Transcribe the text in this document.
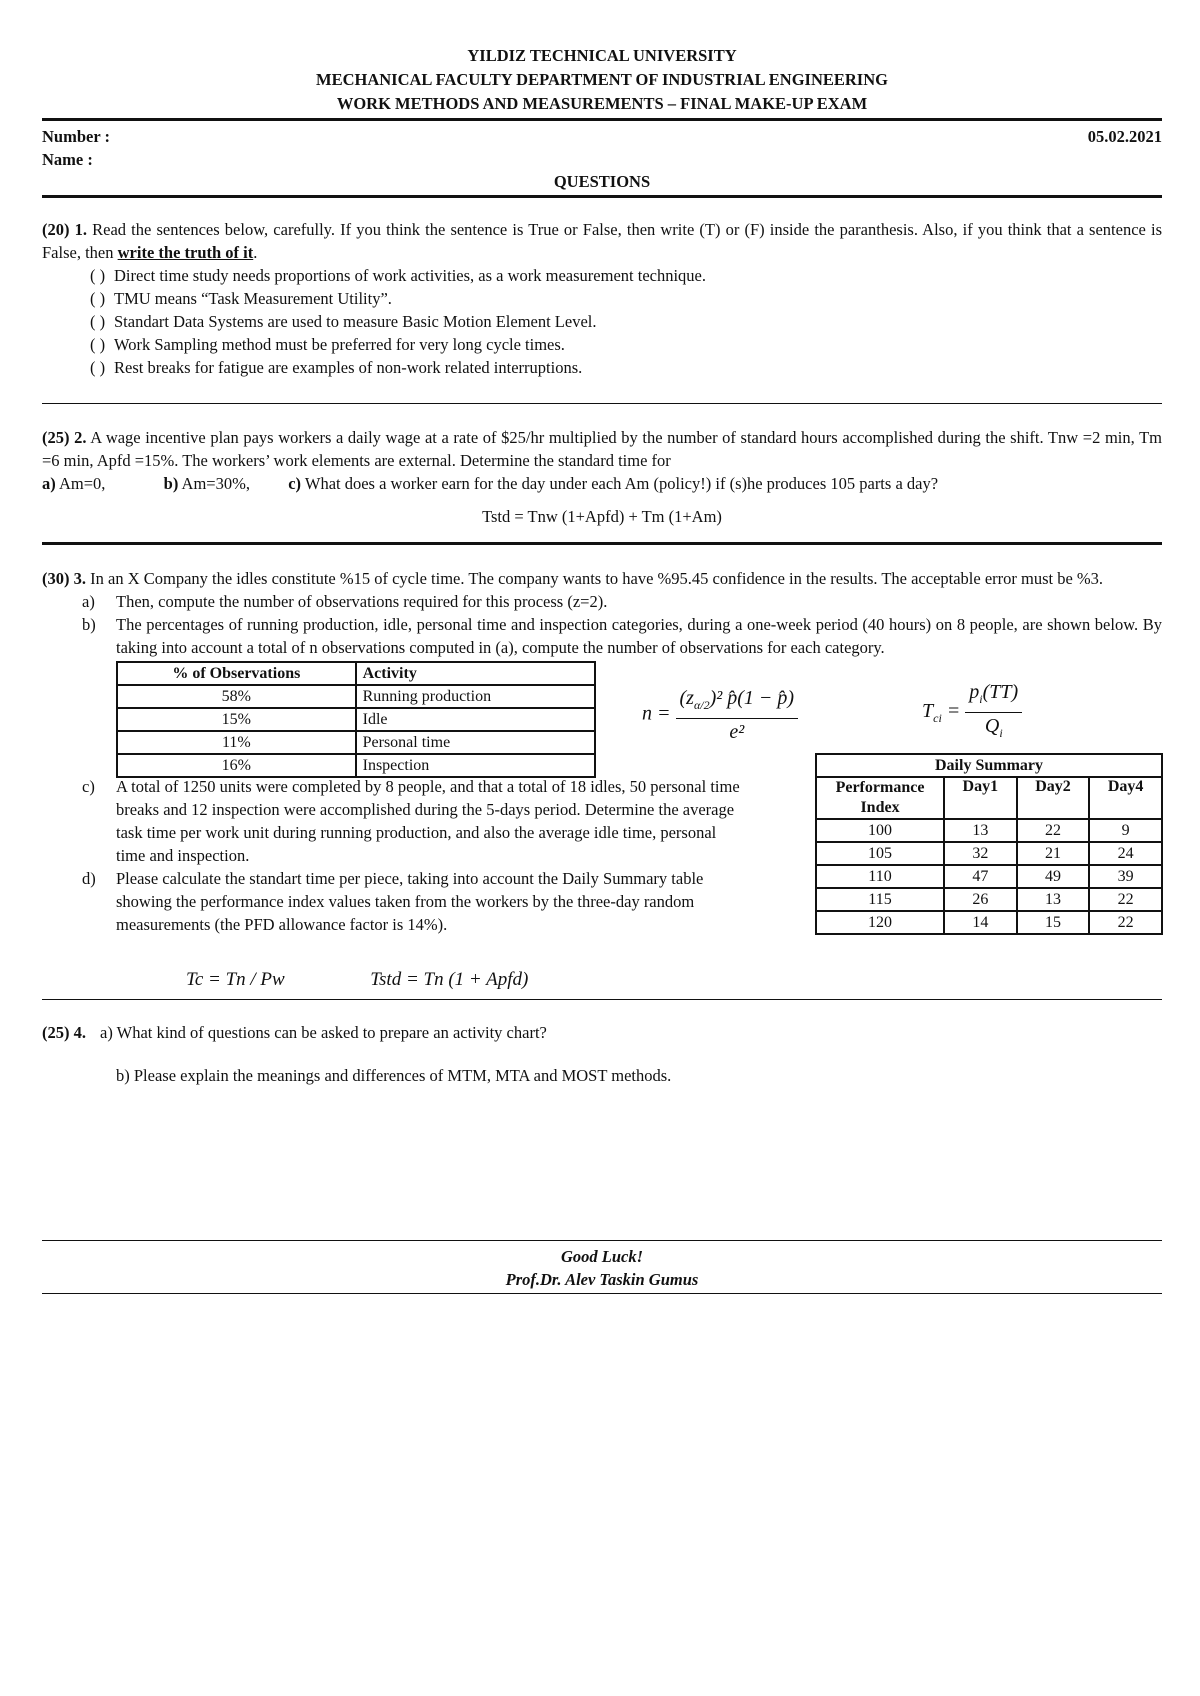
YILDIZ TECHNICAL UNIVERSITY
MECHANICAL FACULTY DEPARTMENT OF INDUSTRIAL ENGINEERING
WORK METHODS AND MEASUREMENTS – FINAL MAKE-UP EXAM
Number :	05.02.2021
Name :
QUESTIONS

(20) 1. Read the sentences below, carefully. If you think the sentence is True or False, then write (T) or (F) inside the paranthesis. Also, if you think that a sentence is False, then write the truth of it.

( ) Direct time study needs proportions of work activities, as a work measurement technique.
( ) TMU means “Task Measurement Utility”.
( ) Standart Data Systems are used to measure Basic Motion Element Level.
( ) Work Sampling method must be preferred for very long cycle times.
( ) Rest breaks for fatigue are examples of non-work related interruptions.

(25) 2. A wage incentive plan pays workers a daily wage at a rate of $25/hr multiplied by the number of standard hours accomplished during the shift. Tnw =2 min, Tm =6 min, Apfd =15%. The workers’ work elements are external. Determine the standard time for

a) Am=0,	b) Am=30%, c) What does a worker earn for the day under each Am (policy!) if (s)he produces 105 parts a day?

Tstd = Tnw (1+Apfd) + Tm (1+Am)

(30) 3. In an X Company the idles constitute %15 of cycle time. The company wants to have %95.45 confidence in the results. The acceptable error must be %3.

a)	Then, compute the number of observations required for this process (z=2).
b)	The percentages of running production, idle, personal time and inspection categories, during a one-week period (40 hours) on 8 people, are shown below. By taking into account a total of n observations computed in (a), compute the number of observations for each category.
% of Observations	Activity
58%	Running production
15%	Idle
11%	Personal time
16%	Inspection
$n = \frac{(z_{\alpha/2})^2 p̂(1 - p̂)}{\text{e²}}$	$T_{ci} = \frac{p_i(TT)}{Q_i}$
c)	A total of 1250 units were completed by 8 people, and that a total of 18 idles, 50 personal time breaks and 12 inspection were accomplished during the 5-days period. Determine the average task time per work unit during running production, and also the average idle time, personal time and inspection.
d)	Please calculate the standart time per piece, taking into account the Daily Summary table showing the performance index values taken from the workers by the three-day random measurements (the PFD allowance factor is 14%).
Daily Summary			
Performance Index	Day1	Day2	Day4
100	13	22	9
105	32	21	24
110	47	49	39
115	26	13	22
120	14	15	22
Tc = Tn / Pw	Tstd = Tn (1 + Apfd)

(25) 4. a) What kind of questions can be asked to prepare an activity chart?

b) Please explain the meanings and differences of MTM, MTA and MOST methods.

Good Luck!
Prof.Dr. Alev Taskin Gumus
